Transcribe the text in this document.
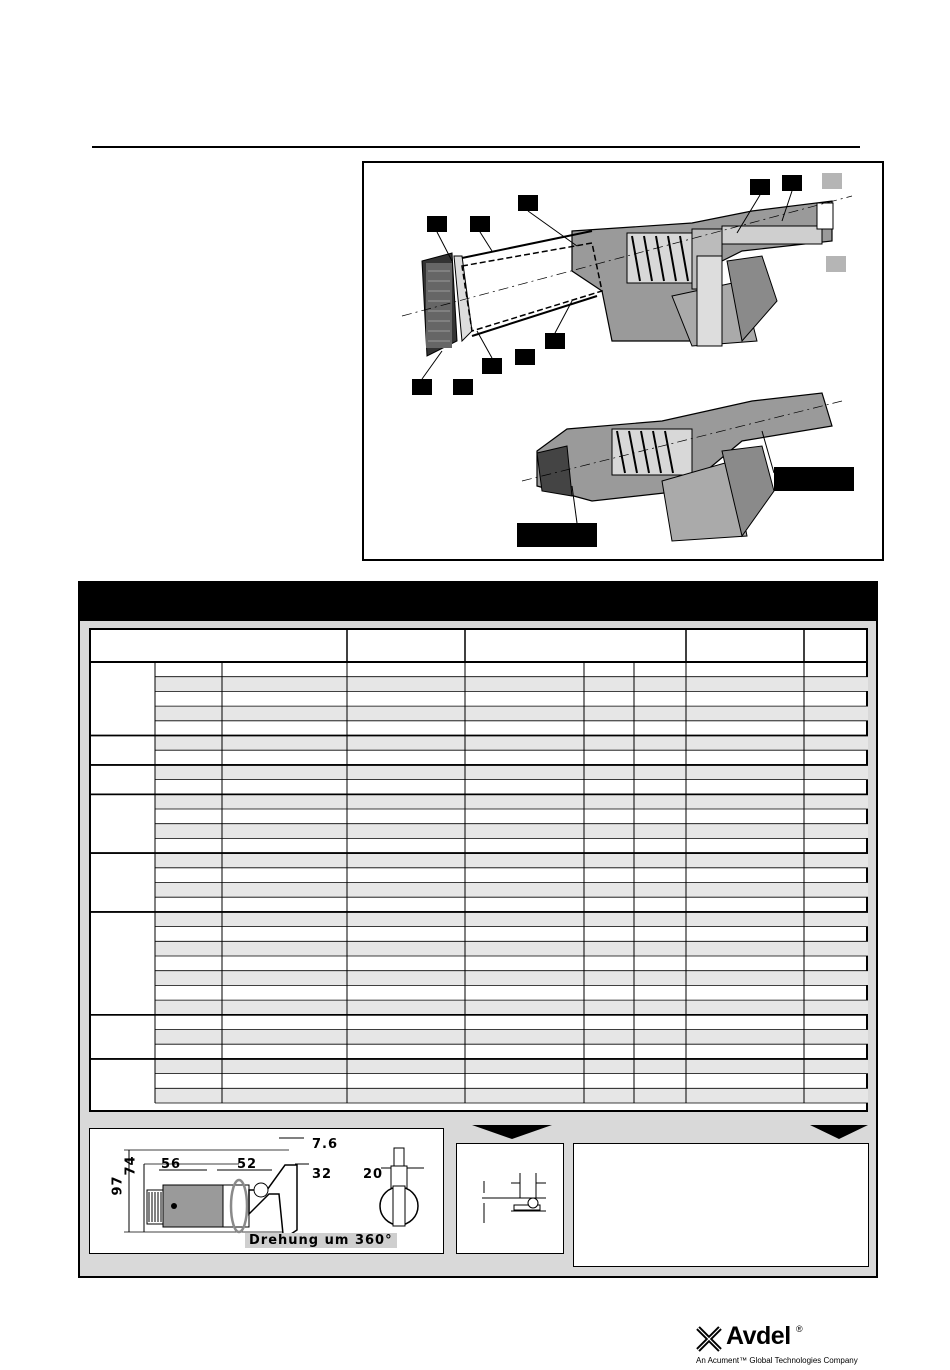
56	52
97
74
7.6
32 20
Drehung um 360°
Avdel ®
An Acument™ Global Technologies Company
